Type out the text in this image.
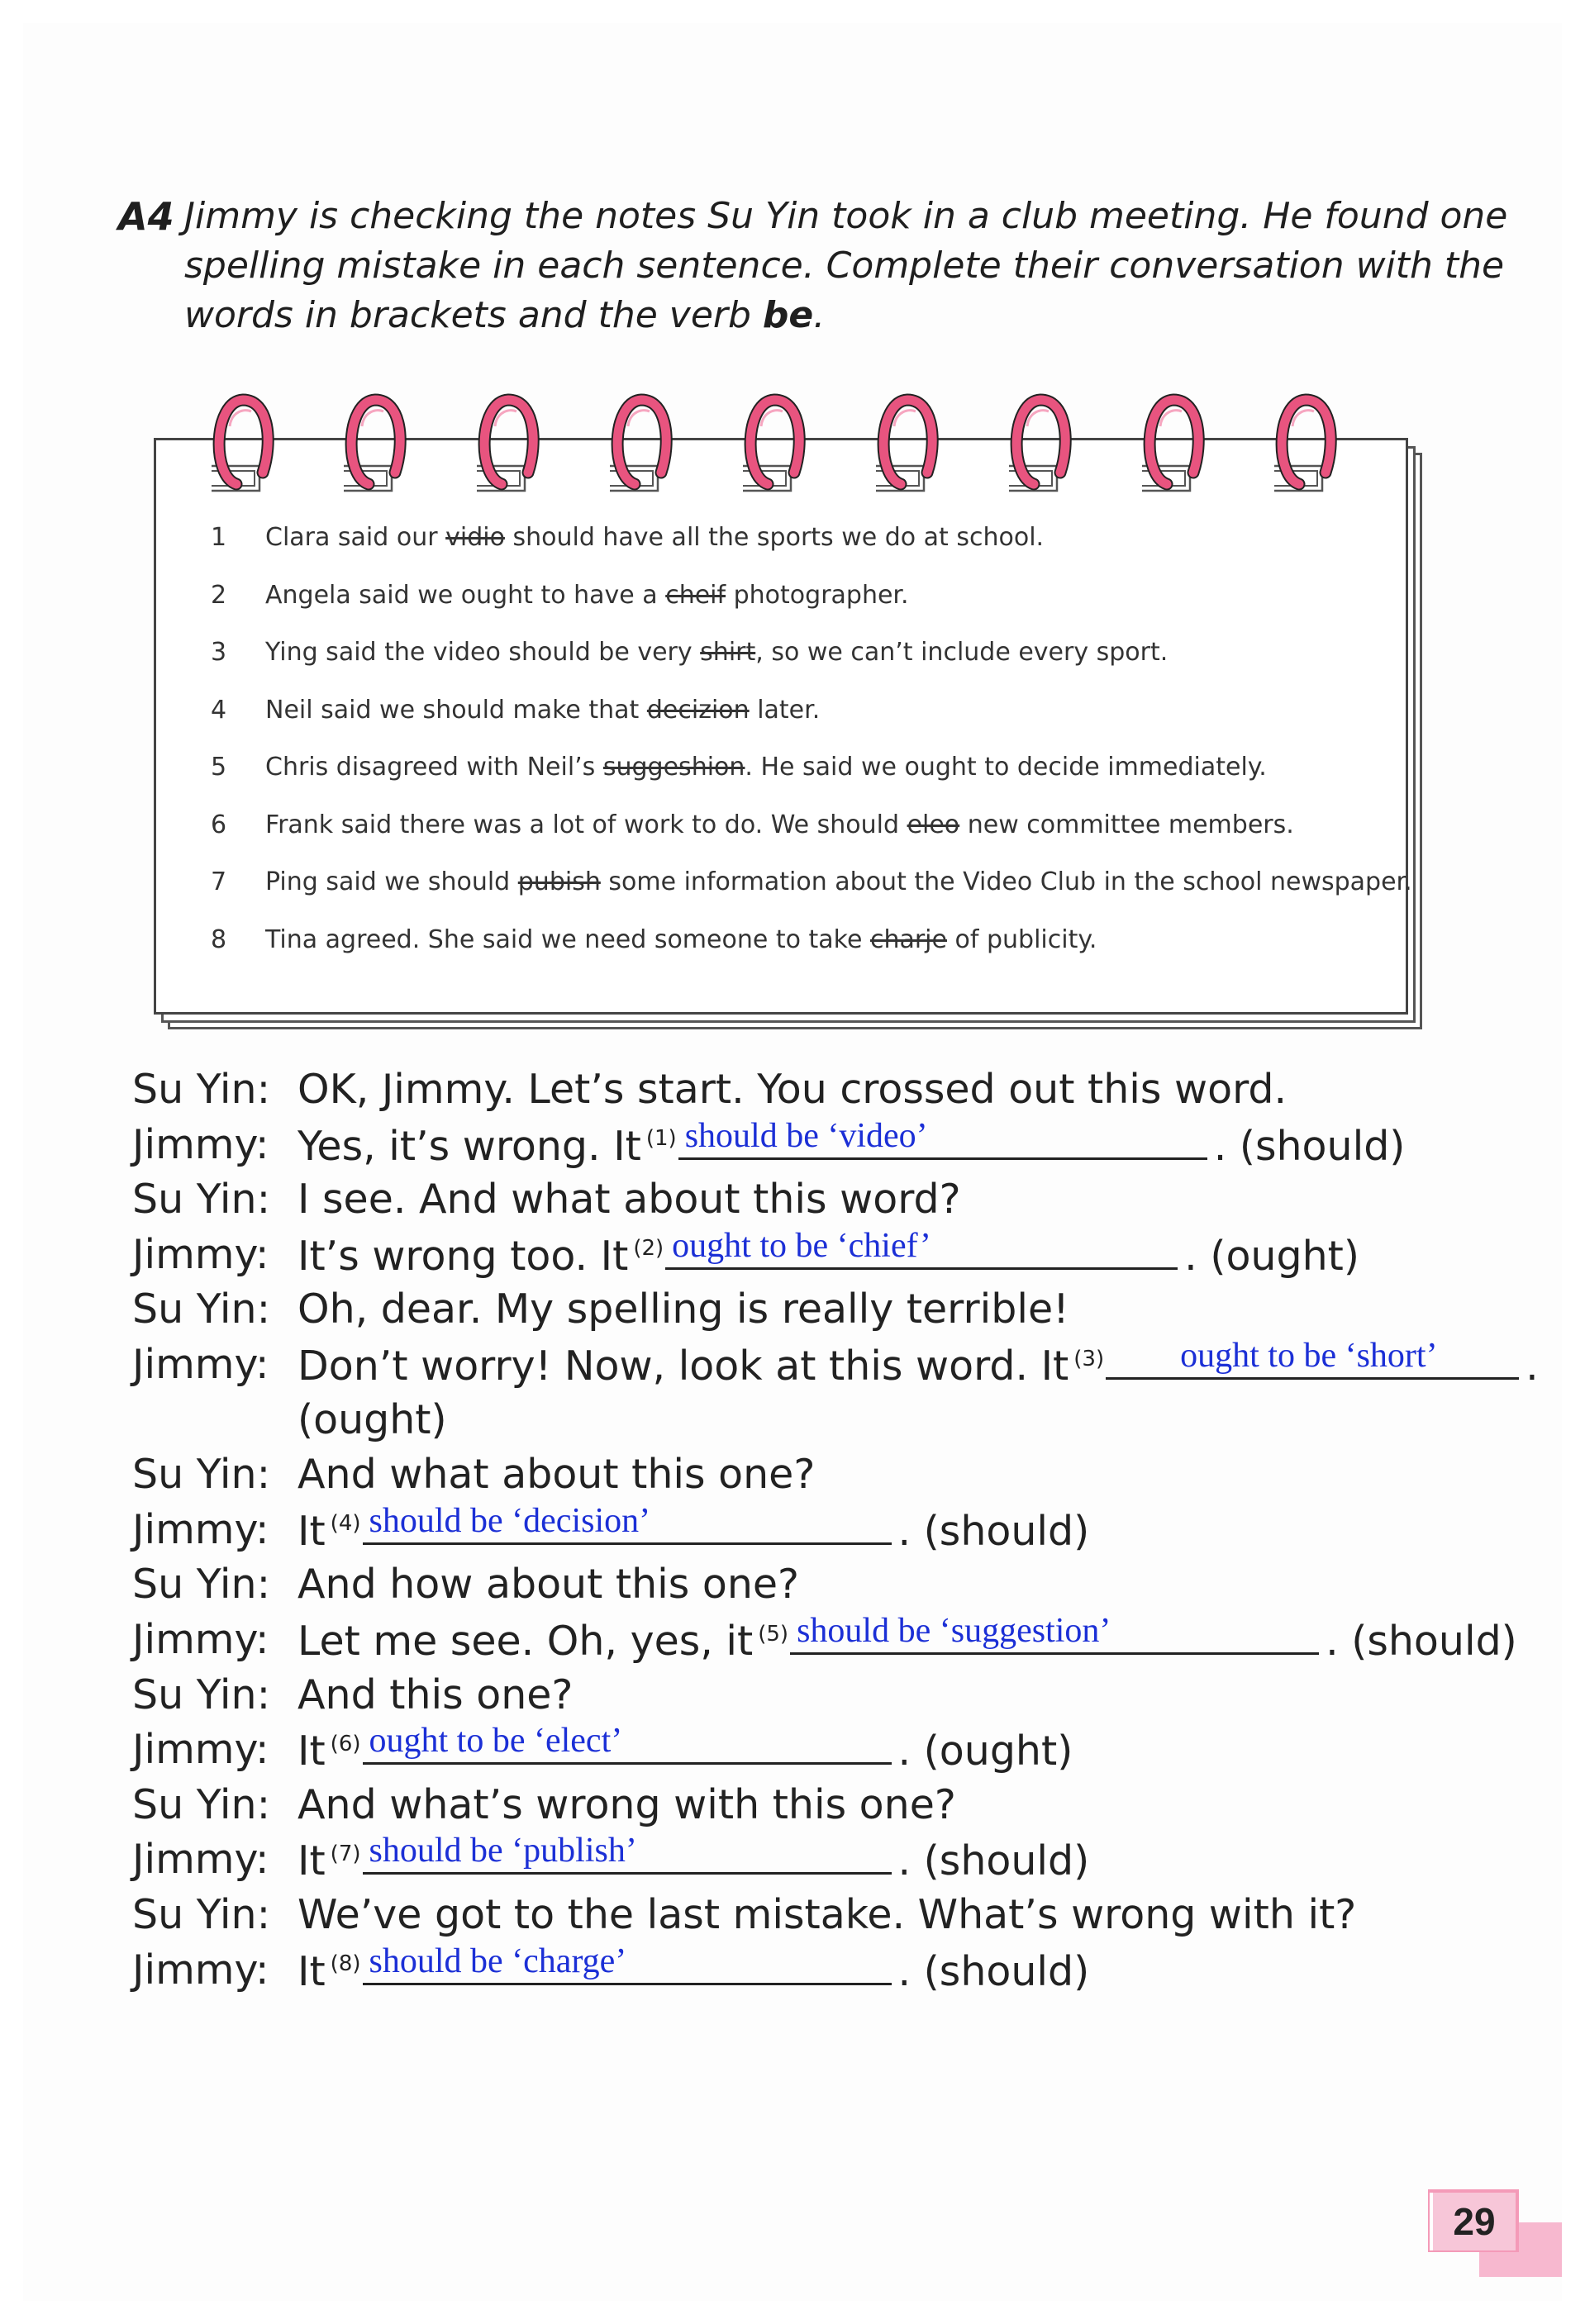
A4 Jimmy is checking the notes Su Yin took in a club meeting. He found one
spelling mistake in each sentence. Complete their conversation with the
words in brackets and the verb be.
1 Clara said our vidio should have all the sports we do at school.
2 Angela said we ought to have a cheif photographer.
3 Ying said the video should be very shirt, so we can’t include every sport.
4 Neil said we should make that decizion later.
5 Chris disagreed with Neil’s suggeshion. He said we ought to decide immediately.
6 Frank said there was a lot of work to do. We should eleo new committee members.
7 Ping said we should pubish some information about the Video Club in the school newspaper.
8 Tina agreed. She said we need someone to take charje of publicity.
Su Yin: OK, Jimmy. Let’s start. You crossed out this word.
Jimmy: Yes, it’s wrong. It $^{(1)}$ should be ‘video’	. (should)
Su Yin: I see. And what about this word?
Jimmy: It’s wrong too. It $^{(2)}$ ought to be ‘chief’	. (ought)
Su Yin: Oh, dear. My spelling is really terrible!
Jimmy: Don’t worry! Now, look at this word. It $^{(3)}$ ought to be ‘short’ .
(ought)
Su Yin: And what about this one?
Jimmy: It $^{(4)}$ should be ‘decision’	. (should)
Su Yin: And how about this one?
Jimmy: Let me see. Oh, yes, it $^{(5)}$ should be ‘suggestion’	. (should)
Su Yin: And this one?
Jimmy: It $^{(6)}$ ought to be ‘elect’	. (ought)
Su Yin: And what’s wrong with this one?
Jimmy: It $^{(7)}$ should be ‘publish’	. (should)
Su Yin: We’ve got to the last mistake. What’s wrong with it?
Jimmy: It $^{(8)}$ should be ‘charge’	. (should)
29
